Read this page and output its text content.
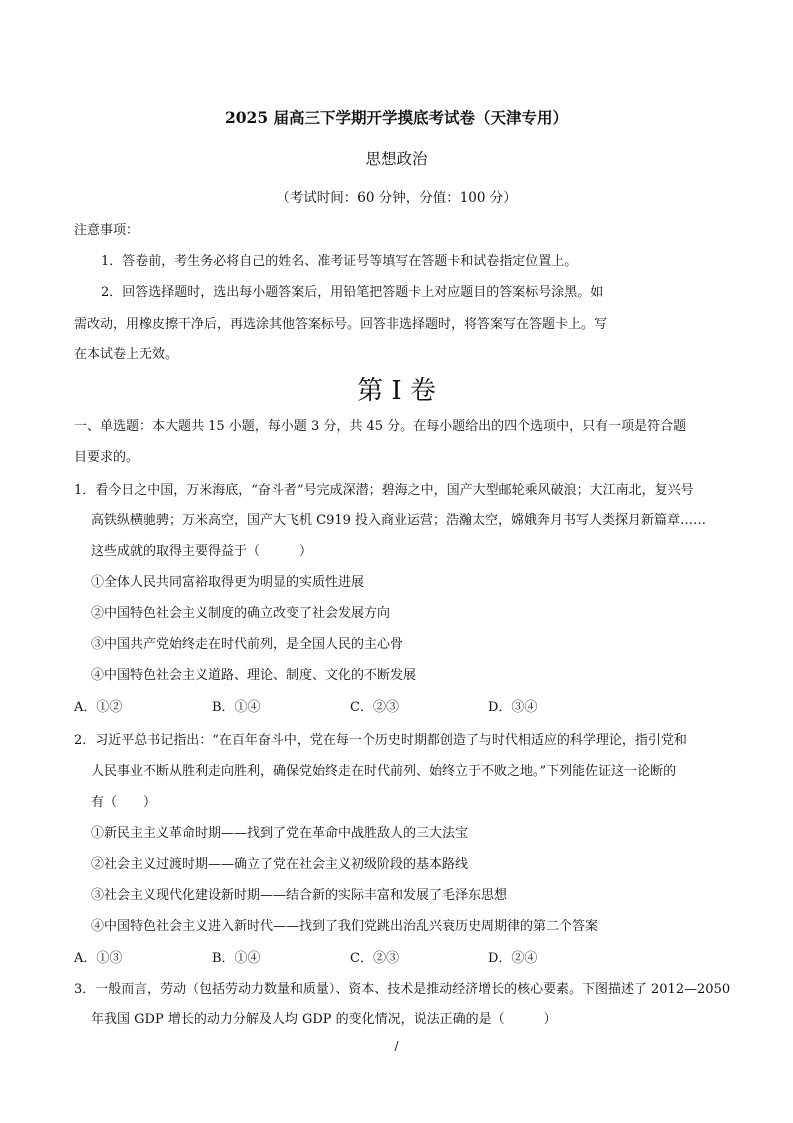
2025 届高三下学期开学摸底考试卷（天津专用）
思想政治
（考试时间：60 分钟，分值：100 分）
注意事项：
1．答卷前，考生务必将自己的姓名、准考证号等填写在答题卡和试卷指定位置上。
2．回答选择题时，选出每小题答案后，用铅笔把答题卡上对应题目的答案标号涂黑。如
需改动，用橡皮擦干净后，再选涂其他答案标号。回答非选择题时，将答案写在答题卡上。写
在本试卷上无效。
第 I 卷
一、单选题：本大题共 15 小题，每小题 3 分，共 45 分。在每小题给出的四个选项中，只有一项是符合题
目要求的。
1．看今日之中国，万米海底，“奋斗者”号完成深潜；碧海之中，国产大型邮轮乘风破浪；大江南北，复兴号
高铁纵横驰骋；万米高空，国产大飞机 C919 投入商业运营；浩瀚太空，嫦娥奔月书写人类探月新篇章……
这些成就的取得主要得益于（　　　）
①全体人民共同富裕取得更为明显的实质性进展
②中国特色社会主义制度的确立改变了社会发展方向
③中国共产党始终走在时代前列，是全国人民的主心骨
④中国特色社会主义道路、理论、制度、文化的不断发展
A．①②	B．①④	C．②③	D．③④
2．习近平总书记指出：“在百年奋斗中，党在每一个历史时期都创造了与时代相适应的科学理论，指引党和
人民事业不断从胜利走向胜利，确保党始终走在时代前列、始终立于不败之地。”下列能佐证这一论断的
有（　　）
①新民主主义革命时期——找到了党在革命中战胜敌人的三大法宝
②社会主义过渡时期——确立了党在社会主义初级阶段的基本路线
③社会主义现代化建设新时期——结合新的实际丰富和发展了毛泽东思想
④中国特色社会主义进入新时代——找到了我们党跳出治乱兴衰历史周期律的第二个答案
A．①③	B．①④	C．②③	D．②④
3．一般而言，劳动（包括劳动力数量和质量）、资本、技术是推动经济增长的核心要素。下图描述了 2012—2050
年我国 GDP 增长的动力分解及人均 GDP 的变化情况，说法正确的是（　　　）
/
